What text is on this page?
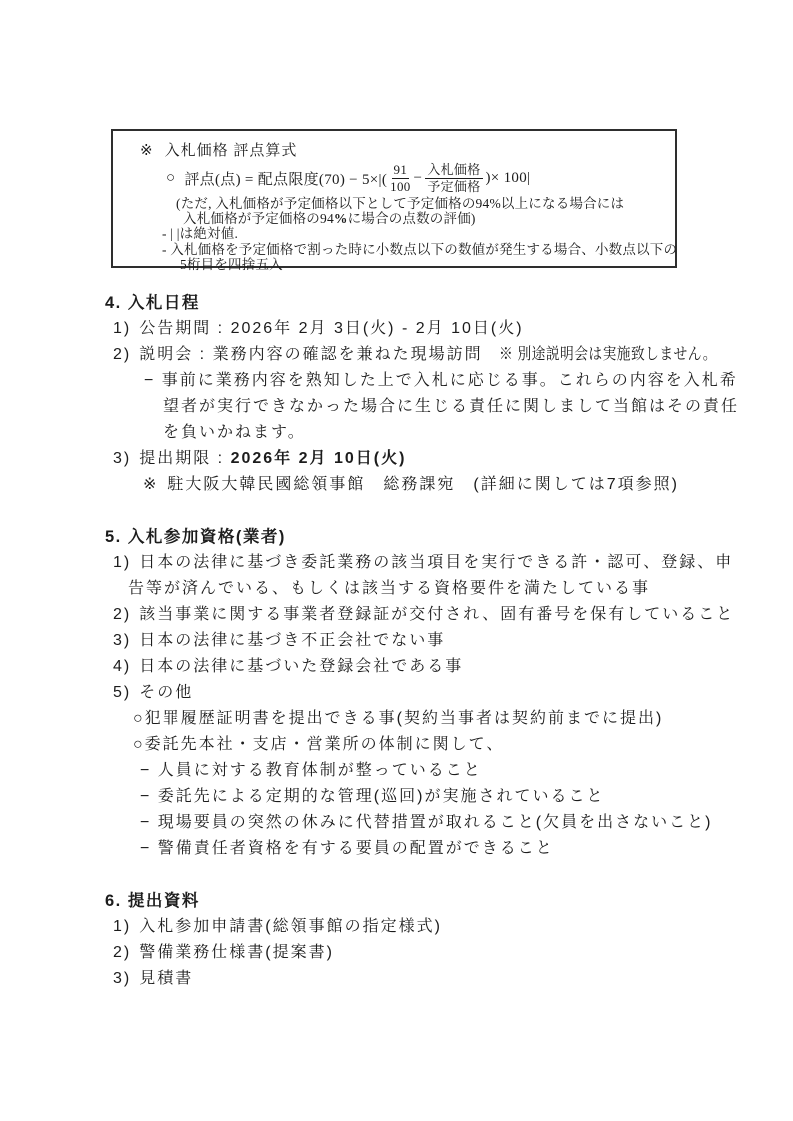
※ 入札価格 評点算式
○ 評点(点) = 配点限度$(70) - 5\times|( \frac{91}{100} - \frac{\text{入札価格}}{\text{予定価格}}$ )× 100|
(ただ, 入札価格が予定価格以下として予定価格の94%以上になる場合には
入札価格が予定価格の94%に場合の点数の評価)
- | |は絶対値.
- 入札価格を予定価格で割った時に小数点以下の数値が発生する場合、小数点以下の
5桁目を四捨五入
4. 入札日程
1) 公告期間 : 2026年 2月 3日(火) - 2月 10日(火)
2) 説明会 : 業務内容の確認を兼ねた現場訪問 ※ 別途説明会は実施致しません。
− 事前に業務内容を熟知した上で入札に応じる事。これらの内容を入札希
望者が実行できなかった場合に生じる責任に関しまして当館はその責任
を負いかねます。
3) 提出期限 : 2026年 2月 10日(火)
※ 駐大阪大韓民國総領事館　総務課宛　(詳細に関しては7項参照)
5. 入札参加資格(業者)
1) 日本の法律に基づき委託業務の該当項目を実行できる許・認可、登録、申
告等が済んでいる、もしくは該当する資格要件を満たしている事
2) 該当事業に関する事業者登録証が交付され、固有番号を保有していること
3) 日本の法律に基づき不正会社でない事
4) 日本の法律に基づいた登録会社である事
5) その他
○犯罪履歴証明書を提出できる事(契約当事者は契約前までに提出)
○委託先本社・支店・営業所の体制に関して、
− 人員に対する教育体制が整っていること
− 委託先による定期的な管理(巡回)が実施されていること
− 現場要員の突然の休みに代替措置が取れること(欠員を出さないこと)
− 警備責任者資格を有する要員の配置ができること
6. 提出資料
1) 入札参加申請書(総領事館の指定様式)
2) 警備業務仕様書(提案書)
3) 見積書
